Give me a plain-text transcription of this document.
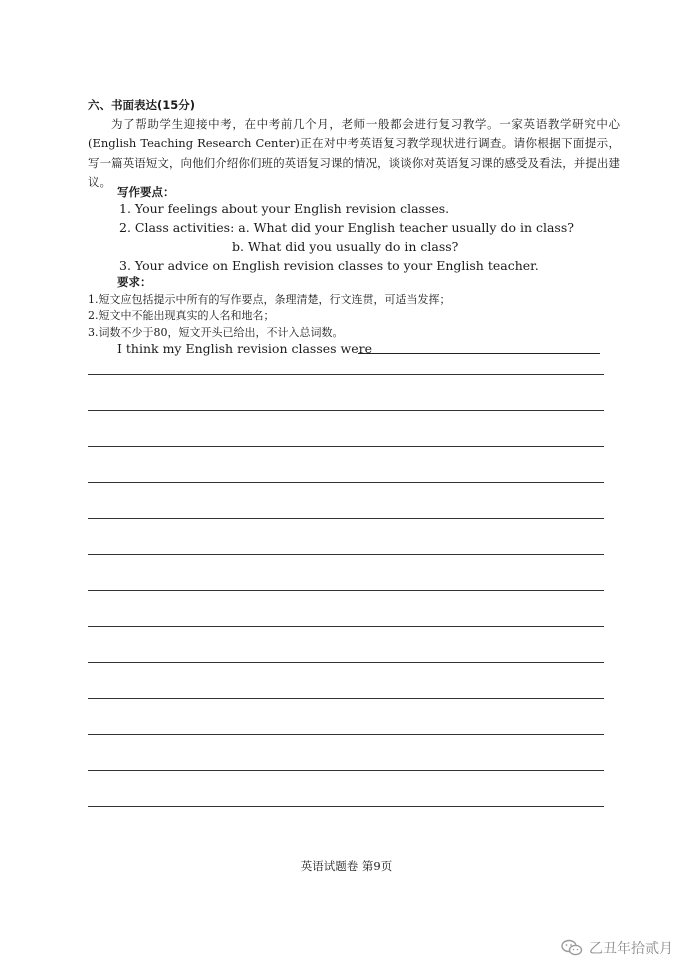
六、书面表达(15分)
为了帮助学生迎接中考，在中考前几个月，老师一般都会进行复习教学。一家英语教学研究中心(English Teaching Research Center)正在对中考英语复习教学现状进行调查。请你根据下面提示，写一篇英语短文，向他们介绍你们班的英语复习课的情况，谈谈你对英语复习课的感受及看法，并提出建议。
写作要点：
1. Your feelings about your English revision classes.
2. Class activities: a. What did your English teacher usually do in class?
b. What did you usually do in class?
3. Your advice on English revision classes to your English teacher.
要求：
1.短文应包括提示中所有的写作要点，条理清楚，行文连贯，可适当发挥；
2.短文中不能出现真实的人名和地名；
3.词数不少于80，短文开头已给出，不计入总词数。
I think my English revision classes were
英语试题卷 第9页
乙丑年拾贰月
